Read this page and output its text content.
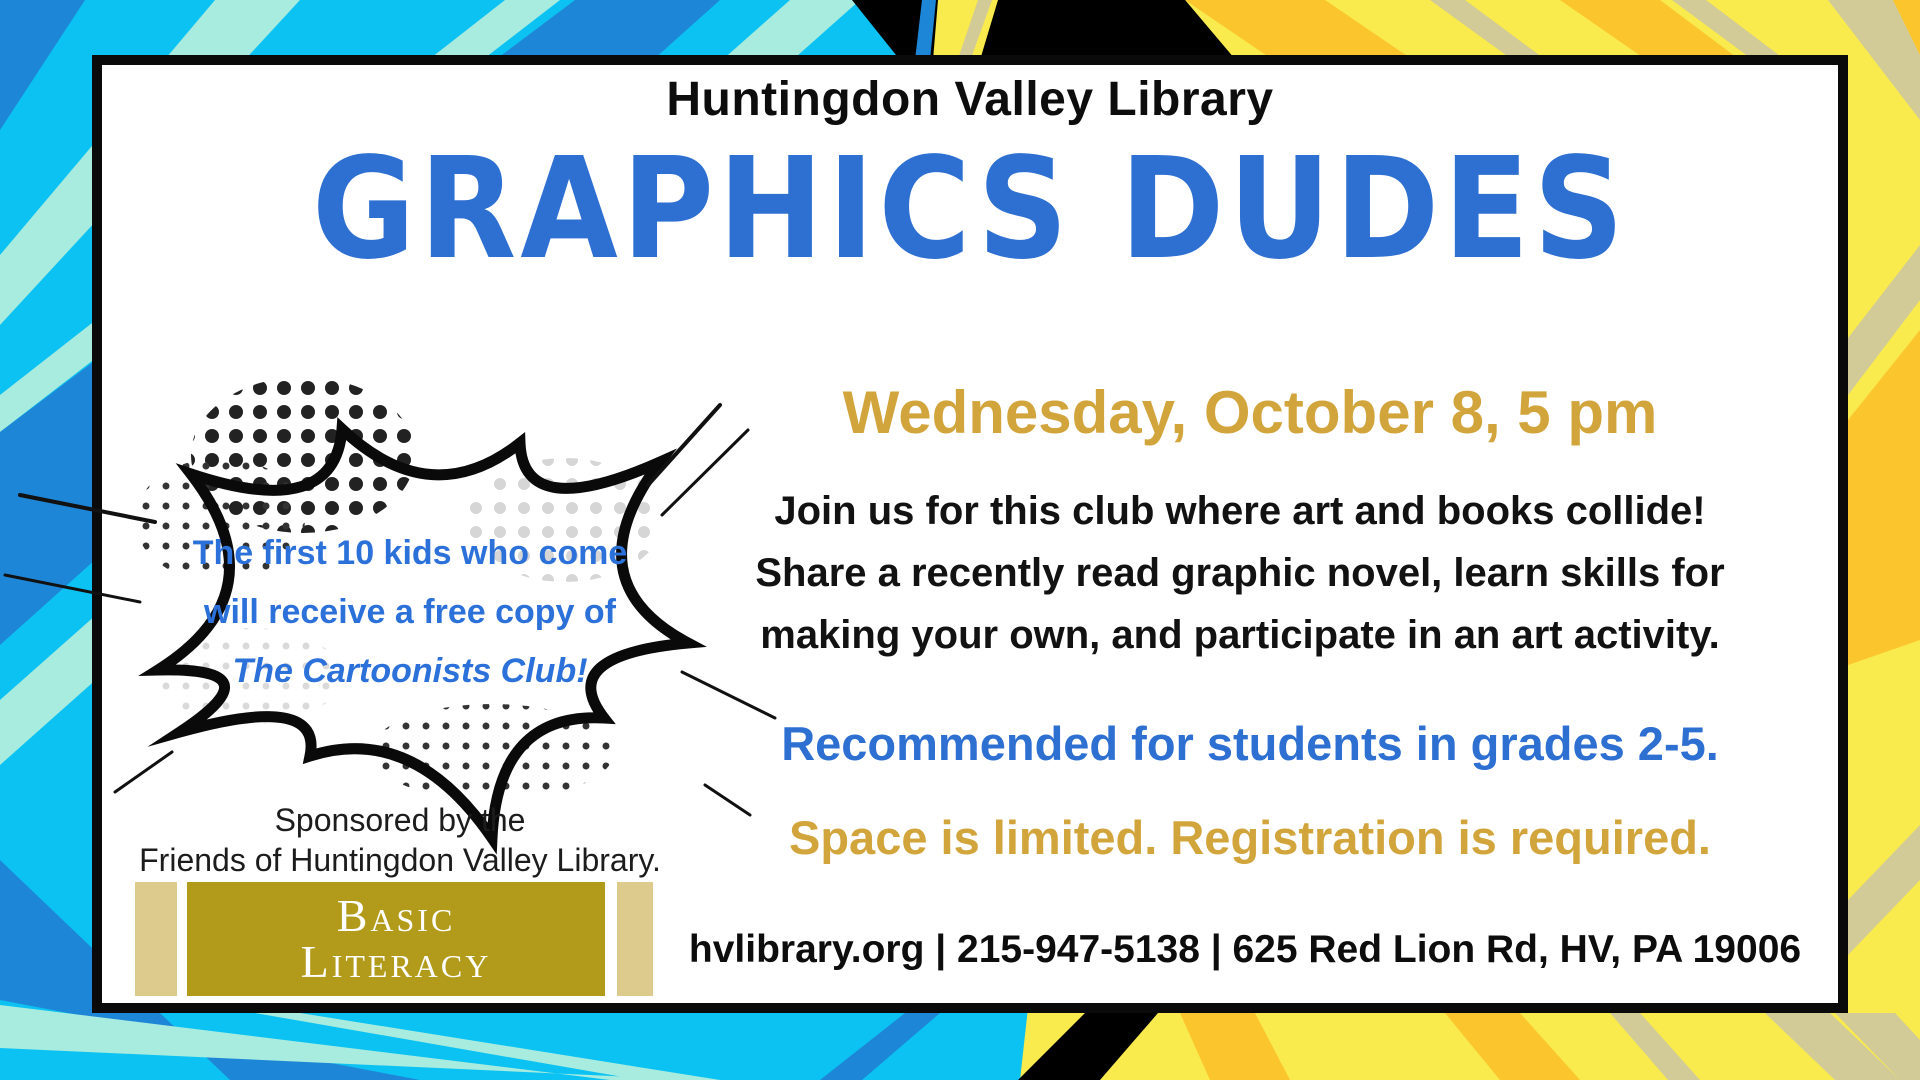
Huntingdon Valley Library
GRAPHICS DUDES
Wednesday, October 8, 5 pm
Join us for this club where art and books collide!
Share a recently read graphic novel, learn skills for
making your own, and participate in an art activity.
Recommended for students in grades 2-5.
Space is limited. Registration is required.
hvlibrary.org | 215-947-5138 | 625 Red Lion Rd, HV, PA 19006
The first 10 kids who come
will receive a free copy of
The Cartoonists Club!
Sponsored by the
Friends of Huntingdon Valley Library.
Basic
Literacy
